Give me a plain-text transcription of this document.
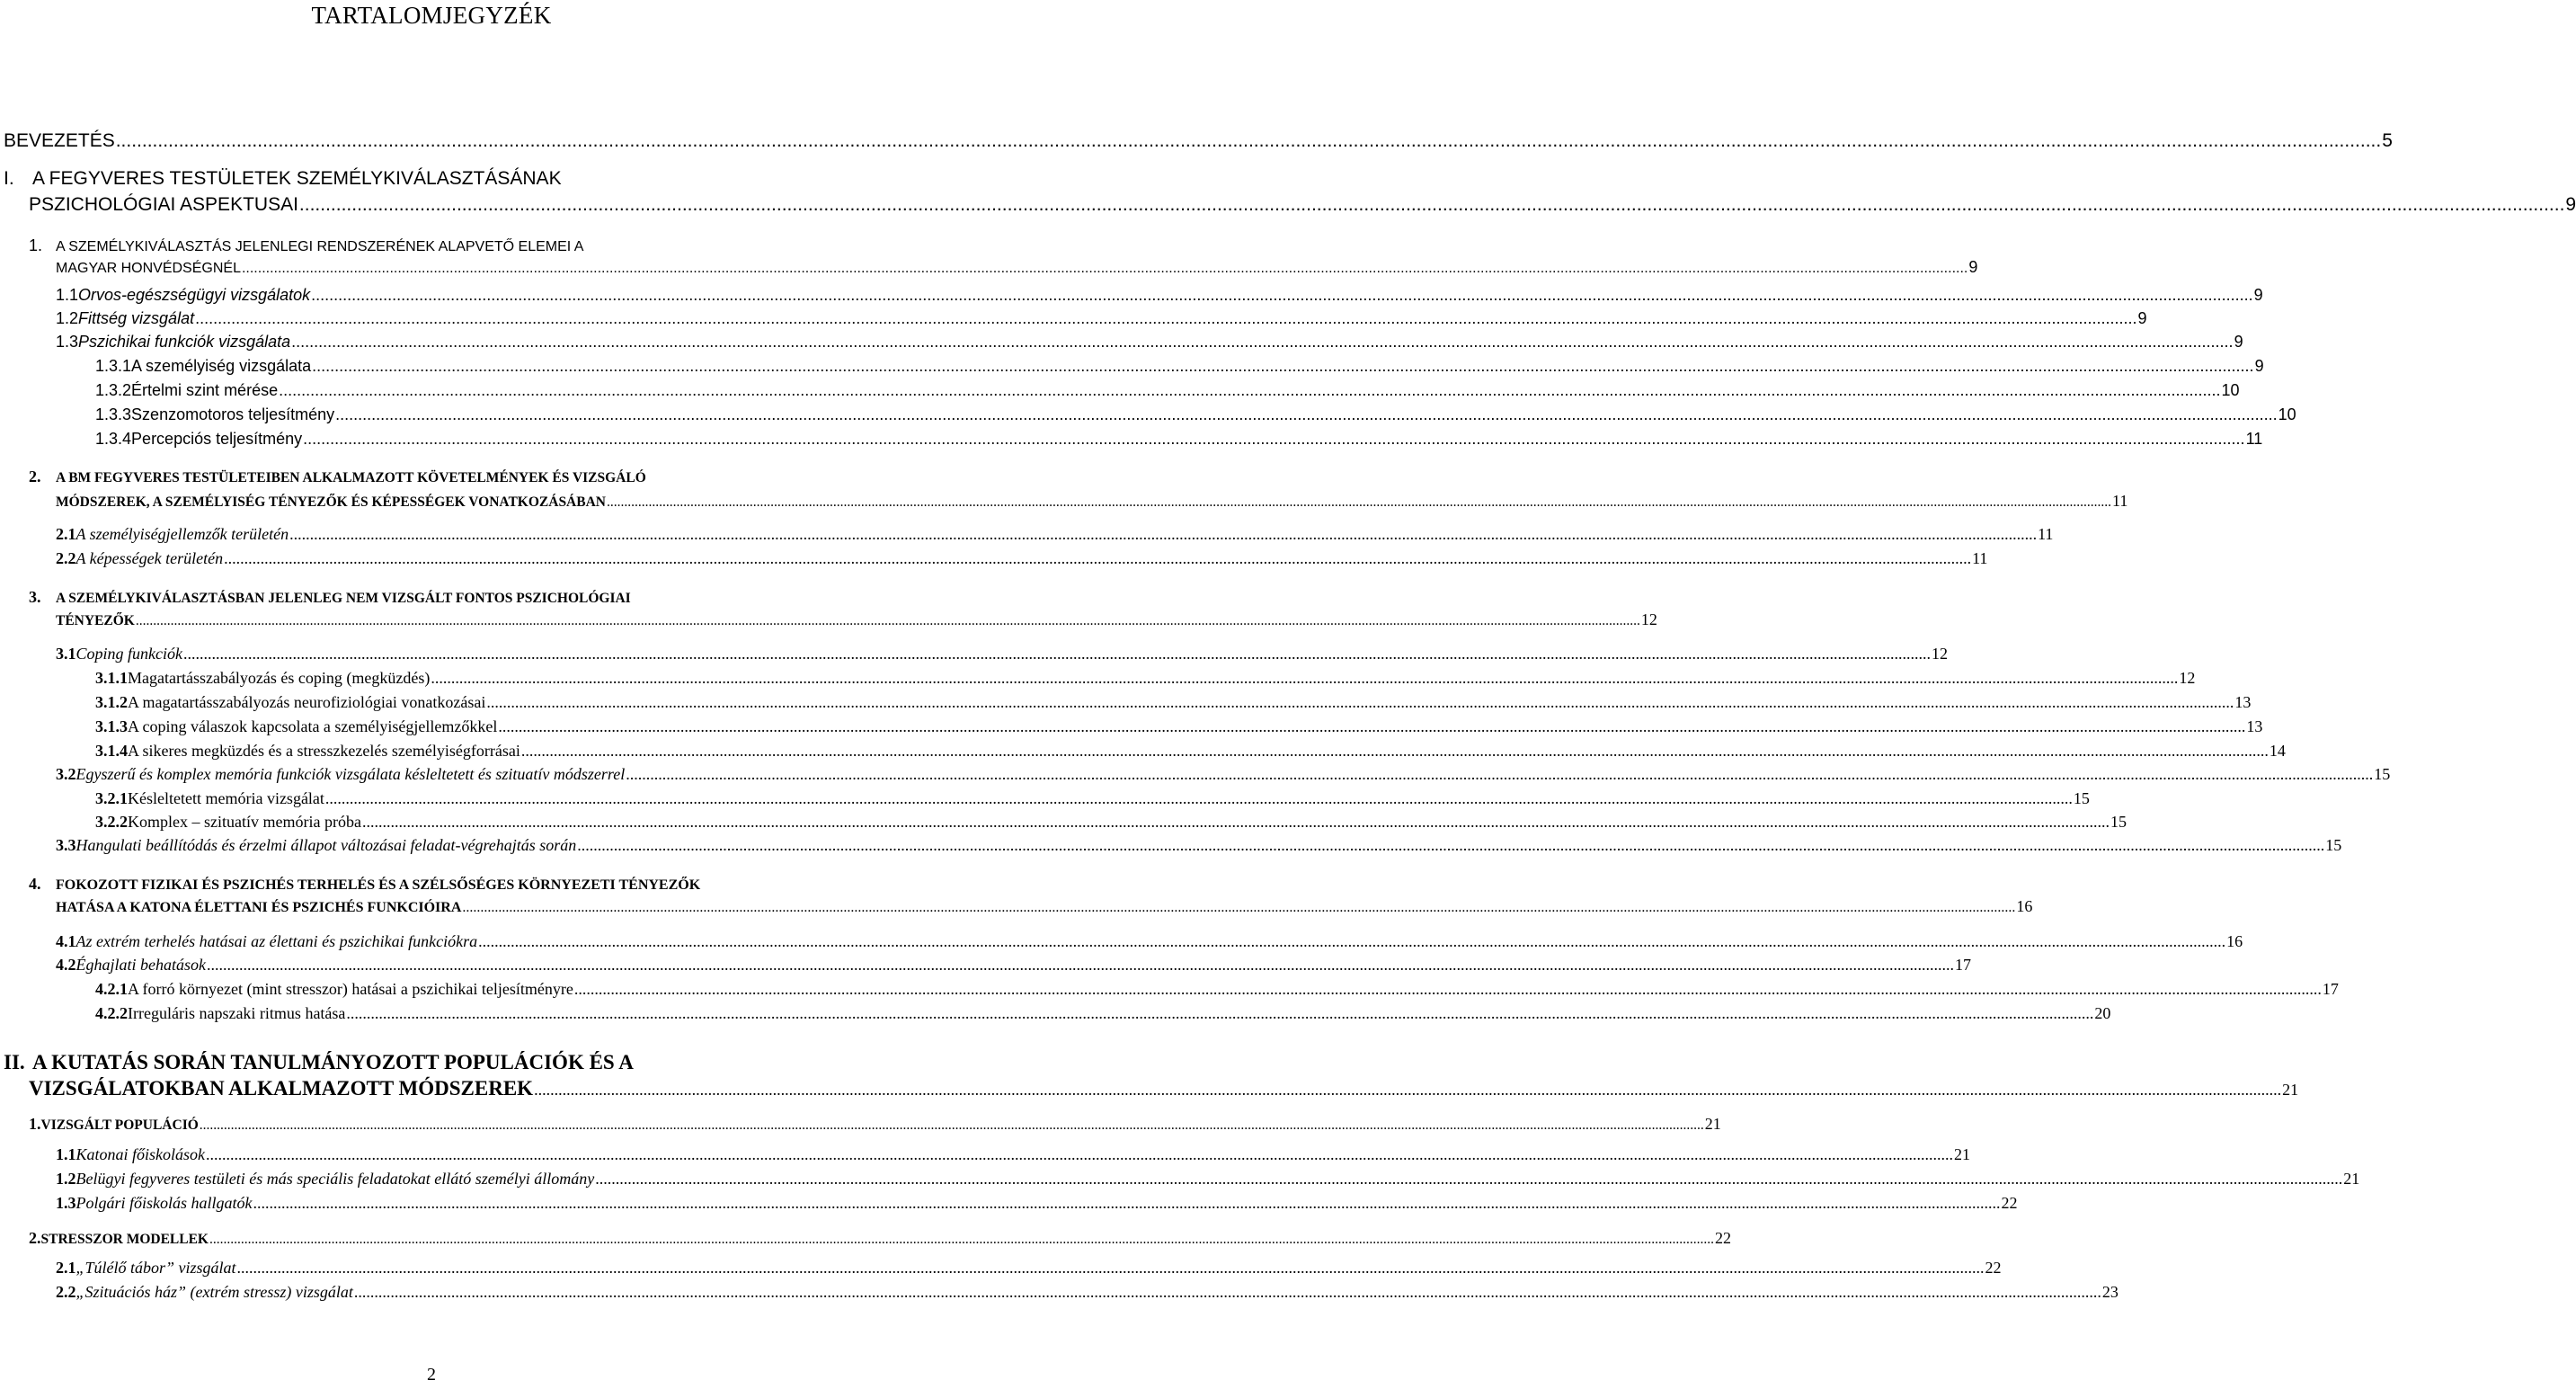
TARTALOMJEGYZÉK
BEVEZETÉS .....	5
I. A FEGYVERES TESTÜLETEK SZEMÉLYKIVÁLASZTÁSÁNAK
PSZICHOLÓGIAI ASPEKTUSAI .....	9
1. A SZEMÉLYKIVÁLASZTÁS JELENLEGI RENDSZERÉNEK ALAPVETŐ ELEMEI A
MAGYAR HONVÉDSÉGNÉL .....	9
1.1 Orvos-egészségügyi vizsgálatok .....	9
1.2 Fittség vizsgálat .....	9
1.3 Pszichikai funkciók vizsgálata .....	9
1.3.1 A személyiség vizsgálata .....	9
1.3.2 Értelmi szint mérése .....	10
1.3.3 Szenzomotoros teljesítmény .....	10
1.3.4 Percepciós teljesítmény .....	11
2. A BM FEGYVERES TESTÜLETEIBEN ALKALMAZOTT KÖVETELMÉNYEK ÉS VIZSGÁLÓ
MÓDSZEREK, A SZEMÉLYISÉG TÉNYEZŐK ÉS KÉPESSÉGEK VONATKOZÁSÁBAN .....	11
2.1 A személyiségjellemzők területén .....	11
2.2 A képességek területén .....	11
3. A SZEMÉLYKIVÁLASZTÁSBAN JELENLEG NEM VIZSGÁLT FONTOS PSZICHOLÓGIAI
TÉNYEZŐK .....	12
3.1 Coping funkciók .....	12
3.1.1 Magatartásszabályozás és coping (megküzdés) .....	12
3.1.2 A magatartásszabályozás neurofiziológiai vonatkozásai .....	13
3.1.3 A coping válaszok kapcsolata a személyiségjellemzőkkel .....	13
3.1.4 A sikeres megküzdés és a stresszkezelés személyiségforrásai .....	14
3.2 Egyszerű és komplex memória funkciók vizsgálata késleltetett és szituatív módszerrel .....	15
3.2.1 Késleltetett memória vizsgálat .....	15
3.2.2 Komplex – szituatív memória próba .....	15
3.3 Hangulati beállítódás és érzelmi állapot változásai feladat-végrehajtás során .....	15
4. FOKOZOTT FIZIKAI ÉS PSZICHÉS TERHELÉS ÉS A SZÉLSŐSÉGES KÖRNYEZETI TÉNYEZŐK
HATÁSA A KATONA ÉLETTANI ÉS PSZICHÉS FUNKCIÓIRA .....	16
4.1 Az extrém terhelés hatásai az élettani és pszichikai funkciókra .....	16
4.2 Éghajlati behatások .....	17
4.2.1 A forró környezet (mint stresszor) hatásai a pszichikai teljesítményre .....	17
4.2.2 Irreguláris napszaki ritmus hatása .....	20
II. A KUTATÁS SORÁN TANULMÁNYOZOTT POPULÁCIÓK ÉS A
VIZSGÁLATOKBAN ALKALMAZOTT MÓDSZEREK .....	21
1. VIZSGÁLT POPULÁCIÓ .....	21
1.1 Katonai főiskolások .....	21
1.2 Belügyi fegyveres testületi és más speciális feladatokat ellátó személyi állomány .....	21
1.3 Polgári főiskolás hallgatók .....	22
2. STRESSZOR MODELLEK .....	22
2.1 „Túlélő tábor” vizsgálat .....	22
2.2 „Szituációs ház” (extrém stressz) vizsgálat .....	23
2
